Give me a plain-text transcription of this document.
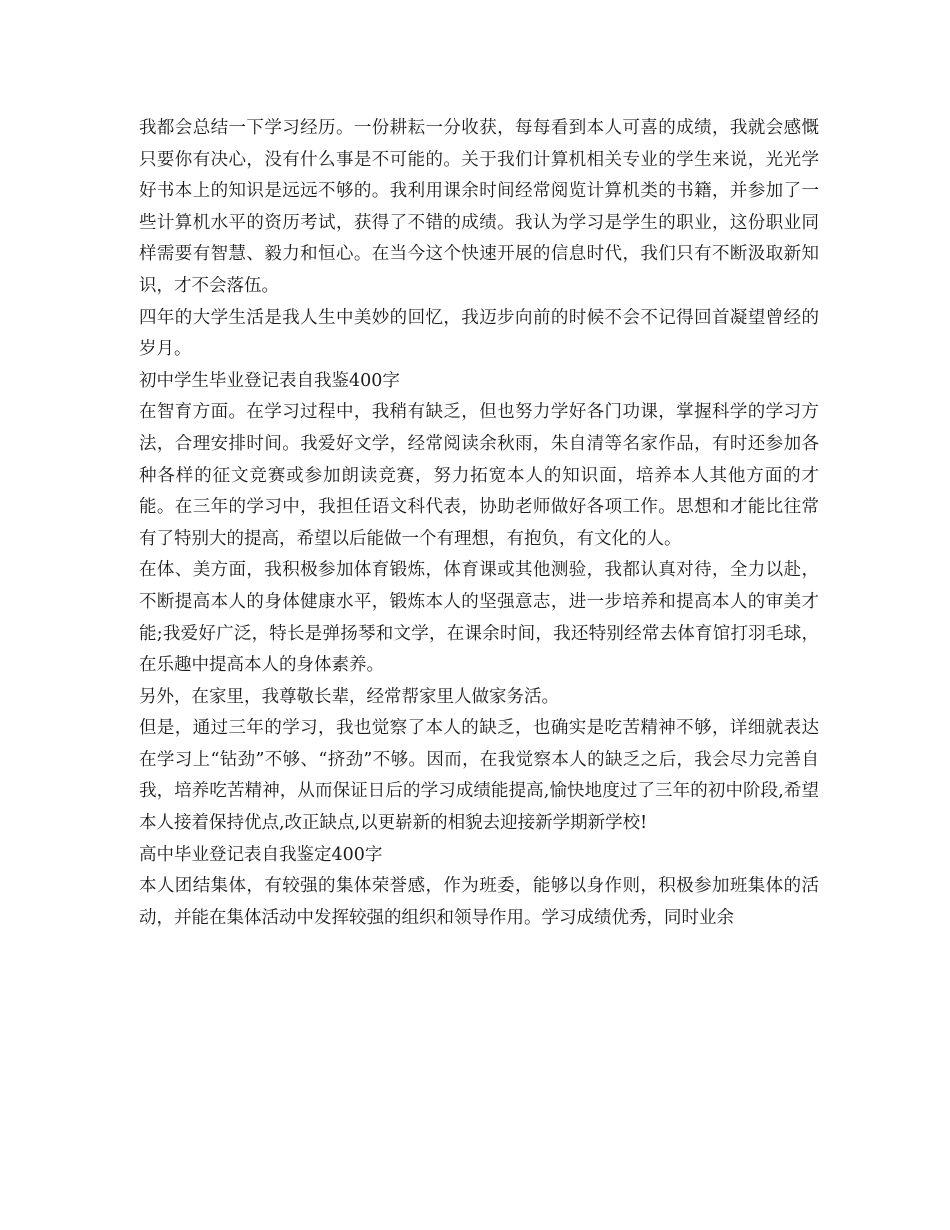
我都会总结一下学习经历。一份耕耘一分收获，每每看到本人可喜的成绩，我就会感慨只要你有决心，没有什么事是不可能的。关于我们计算机相关专业的学生来说，光光学好书本上的知识是远远不够的。我利用课余时间经常阅览计算机类的书籍，并参加了一些计算机水平的资历考试，获得了不错的成绩。我认为学习是学生的职业，这份职业同样需要有智慧、毅力和恒心。在当今这个快速开展的信息时代，我们只有不断汲取新知识，才不会落伍。

四年的大学生活是我人生中美妙的回忆，我迈步向前的时候不会不记得回首凝望曾经的岁月。

初中学生毕业登记表自我鉴400字

在智育方面。在学习过程中，我稍有缺乏，但也努力学好各门功课，掌握科学的学习方法，合理安排时间。我爱好文学，经常阅读余秋雨，朱自清等名家作品，有时还参加各种各样的征文竞赛或参加朗读竞赛，努力拓宽本人的知识面，培养本人其他方面的才能。在三年的学习中，我担任语文科代表，协助老师做好各项工作。思想和才能比往常有了特别大的提高，希望以后能做一个有理想，有抱负，有文化的人。

在体、美方面，我积极参加体育锻炼，体育课或其他测验，我都认真对待，全力以赴，不断提高本人的身体健康水平，锻炼本人的坚强意志，进一步培养和提高本人的审美才能;我爱好广泛，特长是弹扬琴和文学，在课余时间，我还特别经常去体育馆打羽毛球，在乐趣中提高本人的身体素养。

另外，在家里，我尊敬长辈，经常帮家里人做家务活。

但是，通过三年的学习，我也觉察了本人的缺乏，也确实是吃苦精神不够，详细就表达在学习上“钻劲”不够、“挤劲”不够。因而，在我觉察本人的缺乏之后，我会尽力完善自我，培养吃苦精神，从而保证日后的学习成绩能提高,愉快地度过了三年的初中阶段,希望本人接着保持优点,改正缺点,以更崭新的相貌去迎接新学期新学校!

高中毕业登记表自我鉴定400字

本人团结集体，有较强的集体荣誉感，作为班委，能够以身作则，积极参加班集体的活动，并能在集体活动中发挥较强的组织和领导作用。学习成绩优秀，同时业余
